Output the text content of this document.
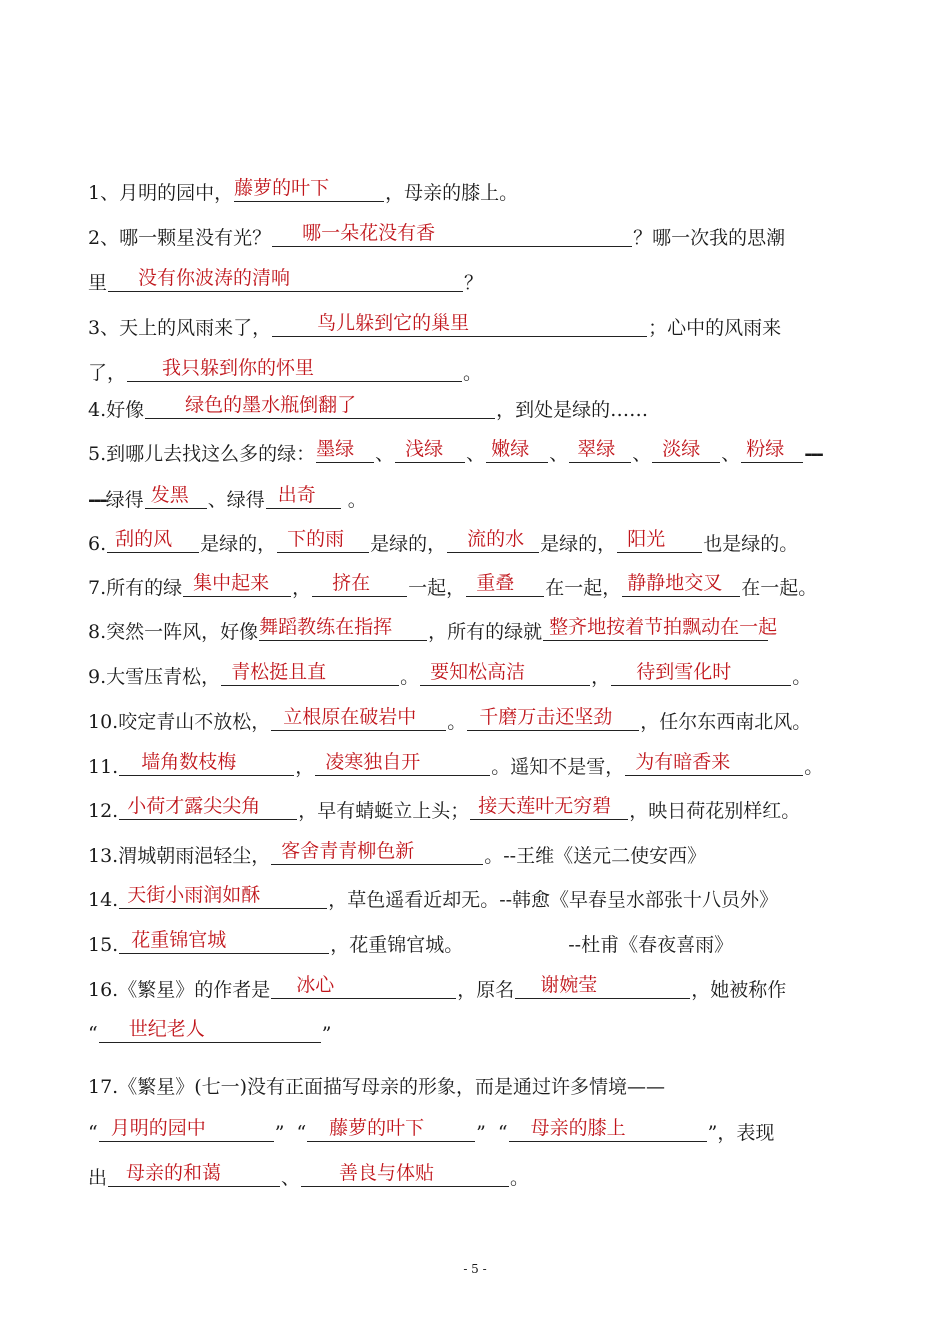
1、月明的园中， 藤萝的叶下	，母亲的膝上。
2、哪一颗星没有光？ 哪一朵花没有香	？哪一次我的思潮
里 没有你波涛的清响	？
3、天上的风雨来了， 鸟儿躲到它的巢里	；心中的风雨来
了， 我只躲到你的怀里	。
4.好像 绿色的墨水瓶倒翻了	，到处是绿的……
5.到哪儿去找这么多的绿： 墨绿	、 浅绿	、 嫩绿	、 翠绿 、 淡绿	、 粉绿	---
---绿得 发黑 、绿得 出奇	。
6. 刮的风	是绿的， 下的雨	是绿的， 流的水 是绿的， 阳光	也是绿的。
7.所有的绿 集中起来	， 挤在	一起， 重叠	在一起， 静静地交叉 在一起。
8.突然一阵风，好像 舞蹈教练在指挥	，所有的绿就 整齐地按着节拍飘动在一起
9.大雪压青松， 青松挺且直	。 要知松高洁	， 待到雪化时	。
10.咬定青山不放松， 立根原在破岩中	。 千磨万击还坚劲	，任尔东西南北风。
11. 墙角数枝梅	， 凌寒独自开	。遥知不是雪， 为有暗香来	。
12. 小荷才露尖尖角	，早有蜻蜓立上头； 接天莲叶无穷碧 ，映日荷花别样红。
13.渭城朝雨浥轻尘， 客舍青青柳色新	。--王维《送元二使安西》
14. 天街小雨润如酥	，草色遥看近却无。--韩愈《早春呈水部张十八员外》
15. 花重锦官城	，花重锦官城。	--杜甫《春夜喜雨》
16.《繁星》的作者是 冰心	，原名 谢婉莹	，她被称作
“ 世纪老人	”
17.《繁星》(七一)没有正面描写母亲的形象，而是通过许多情境——
“ 月明的园中	” “ 藤萝的叶下	” “ 母亲的膝上	”，表现
出 母亲的和蔼	、 善良与体贴	。
- 5 -
